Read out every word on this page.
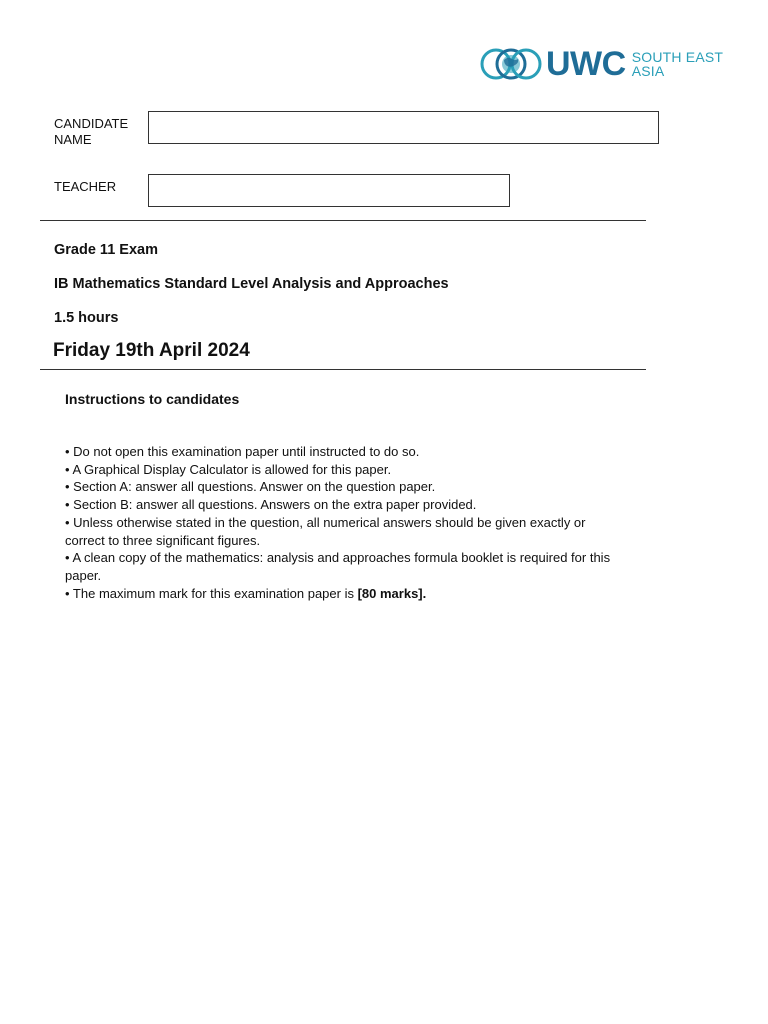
UWC SOUTH EAST
ASIA
CANDIDATE
NAME
TEACHER
Grade 11 Exam
IB Mathematics Standard Level Analysis and Approaches
1.5 hours
Friday 19th April 2024
Instructions to candidates
• Do not open this examination paper until instructed to do so.
• A Graphical Display Calculator is allowed for this paper.
• Section A: answer all questions. Answer on the question paper.
• Section B: answer all questions. Answers on the extra paper provided.
• Unless otherwise stated in the question, all numerical answers should be given exactly or correct to three significant figures.
• A clean copy of the mathematics: analysis and approaches formula booklet is required for this paper.
• The maximum mark for this examination paper is [80 marks].
